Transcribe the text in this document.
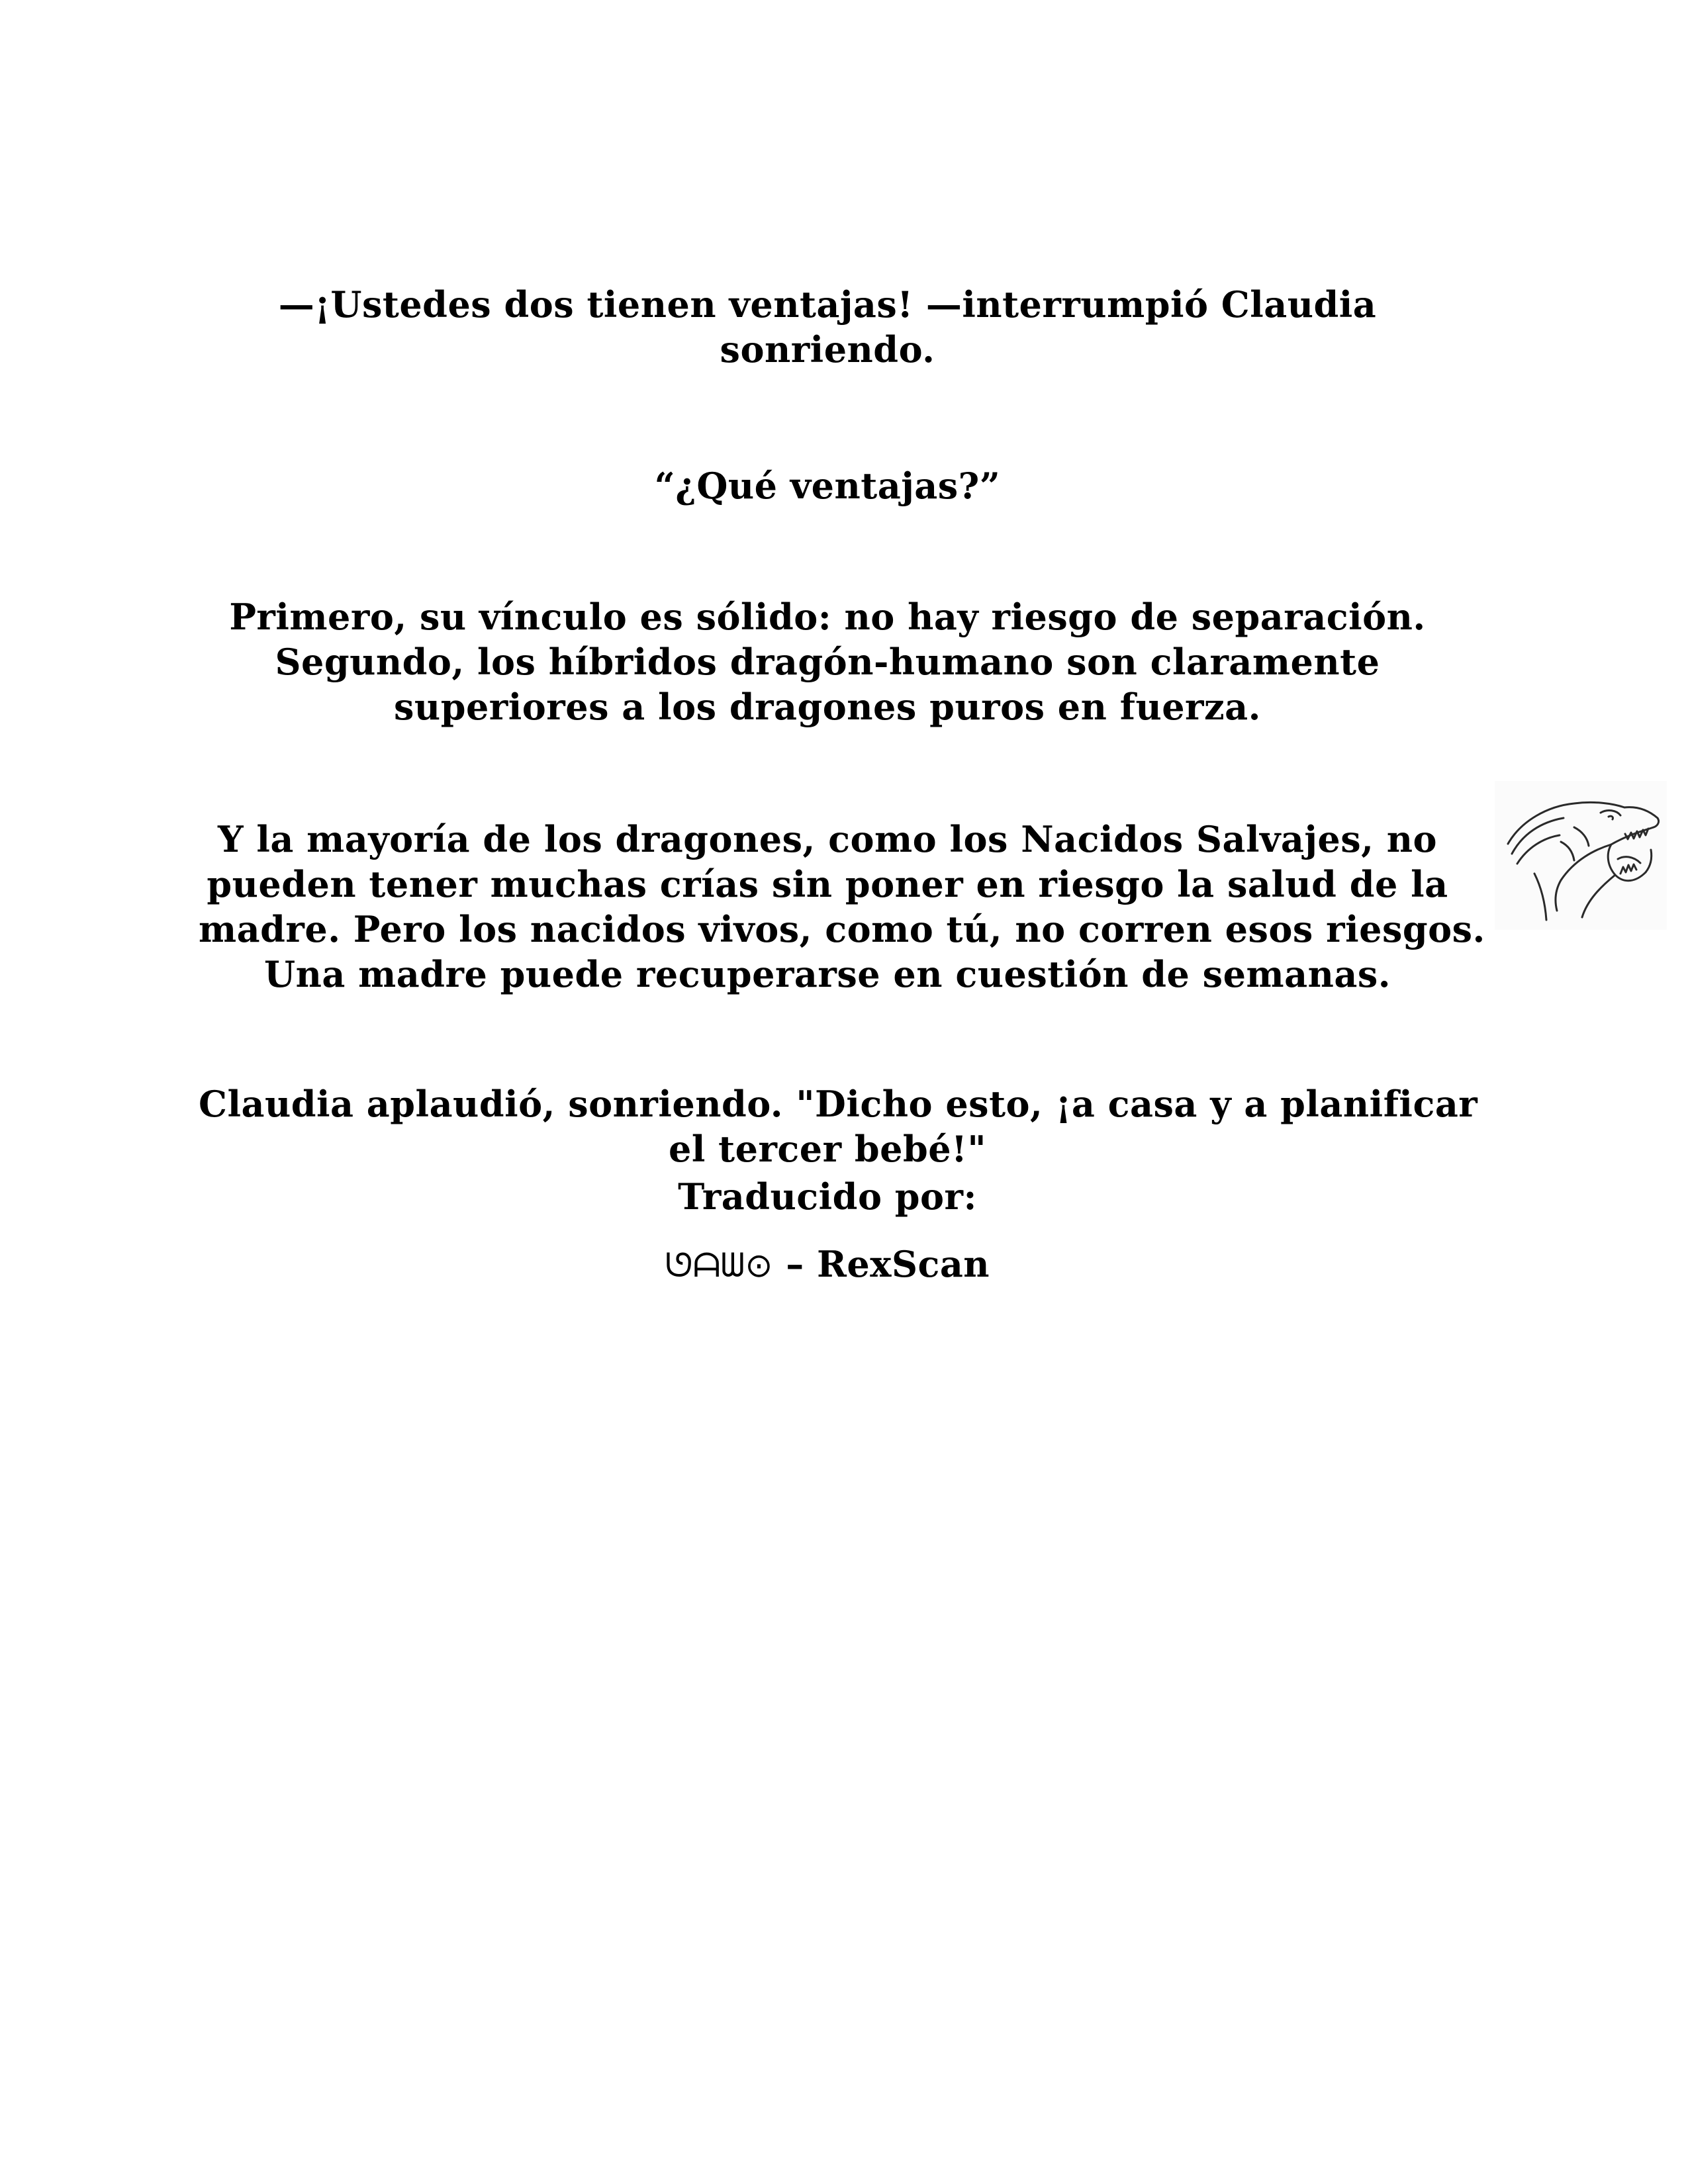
—¡Ustedes dos tienen ventajas! —interrumpió Claudia
sonriendo.
“¿Qué ventajas?”
Primero, su vínculo es sólido: no hay riesgo de separación.
Segundo, los híbridos dragón-humano son claramente
superiores a los dragones puros en fuerza.
Y la mayoría de los dragones, como los Nacidos Salvajes, no
pueden tener muchas crías sin poner en riesgo la salud de la
madre. Pero los nacidos vivos, como tú, no corren esos riesgos.
Una madre puede recuperarse en cuestión de semanas.
Claudia aplaudió, sonriendo. "Dicho esto, ¡a casa y a planificar
el tercer bebé!"
Traducido por:
ᘎᗩᗯ⊙ – RexScan
